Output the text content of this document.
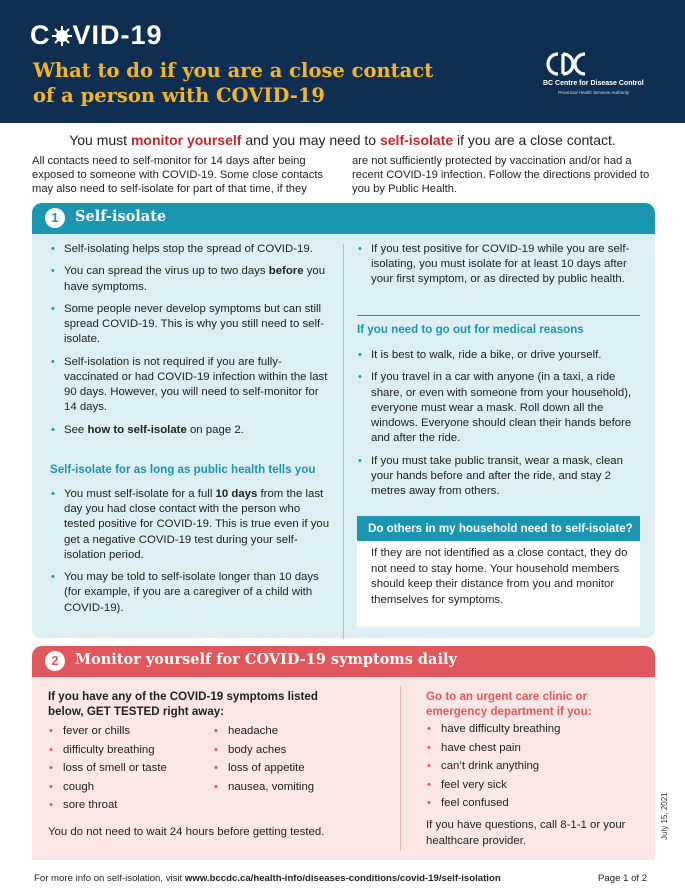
C VID-19
What to do if you are a close contact
of a person with COVID-19
BC Centre for Disease Control
Provincial Health Services Authority
You must monitor yourself and you may need to self-isolate if you are a close contact.
All contacts need to self-monitor for 14 days after being exposed to someone with COVID-19. Some close contacts may also need to self-isolate for part of that time, if they
are not sufficiently protected by vaccination and/or had a recent COVID-19 infection. Follow the directions provided to you by Public Health.
1	Self-isolate
• Self-isolating helps stop the spread of COVID-19.
• You can spread the virus up to two days before you have symptoms.
• Some people never develop symptoms but can still spread COVID-19. This is why you still need to self-isolate.
• Self-isolation is not required if you are fully-vaccinated or had COVID-19 infection within the last 90 days. However, you will need to self-monitor for 14 days.
• See how to self-isolate on page 2.
Self-isolate for as long as public health tells you
• You must self-isolate for a full 10 days from the last day you had close contact with the person who tested positive for COVID-19. This is true even if you get a negative COVID-19 test during your self-isolation period.
• You may be told to self-isolate longer than 10 days (for example, if you are a caregiver of a child with COVID-19).
• If you test positive for COVID-19 while you are self-isolating, you must isolate for at least 10 days after your first symptom, or as directed by public health.
If you need to go out for medical reasons
• It is best to walk, ride a bike, or drive yourself.
• If you travel in a car with anyone (in a taxi, a ride share, or even with someone from your household), everyone must wear a mask. Roll down all the windows. Everyone should clean their hands before and after the ride.
• If you must take public transit, wear a mask, clean your hands before and after the ride, and stay 2 metres away from others.
Do others in my household need to self-isolate?
If they are not identified as a close contact, they do not need to stay home. Your household members should keep their distance from you and monitor themselves for symptoms.
2	Monitor yourself for COVID-19 symptoms daily
If you have any of the COVID-19 symptoms listed below, GET TESTED right away:
• fever or chills
• difficulty breathing
• loss of smell or taste
• cough
• sore throat
• headache
• body aches
• loss of appetite
• nausea, vomiting
You do not need to wait 24 hours before getting tested.
Go to an urgent care clinic or emergency department if you:
• have difficulty breathing
• have chest pain
• can’t drink anything
• feel very sick
• feel confused
If you have questions, call 8-1-1 or your healthcare provider.
July 15, 2021
For more info on self-isolation, visit www.bccdc.ca/health-info/diseases-conditions/covid-19/self-isolation	Page 1 of 2
